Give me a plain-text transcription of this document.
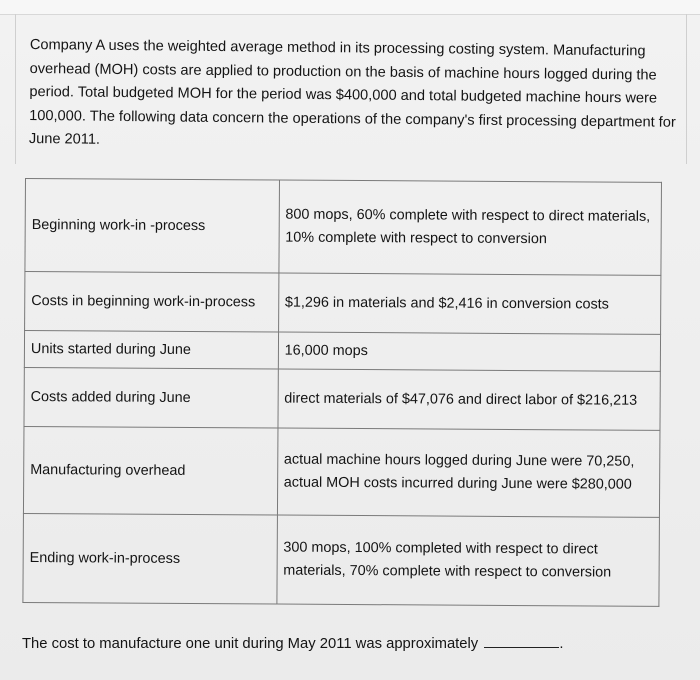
Company A uses the weighted average method in its processing costing system. Manufacturing overhead (MOH) costs are applied to production on the basis of machine hours logged during the period. Total budgeted MOH for the period was $400,000 and total budgeted machine hours were 100,000. The following data concern the operations of the company's first processing department for June 2011.

Beginning work-in -process	800 mops, 60% complete with respect to direct materials, 10% complete with respect to conversion
Costs in beginning work-in-process	$1,296 in materials and $2,416 in conversion costs
Units started during June	16,000 mops
Costs added during June	direct materials of $47,076 and direct labor of $216,213
Manufacturing overhead	actual machine hours logged during June were 70,250, actual MOH costs incurred during June were $280,000
Ending work-in-process	300 mops, 100% completed with respect to direct materials, 70% complete with respect to conversion

The cost to manufacture one unit during May 2011 was approximately	.
